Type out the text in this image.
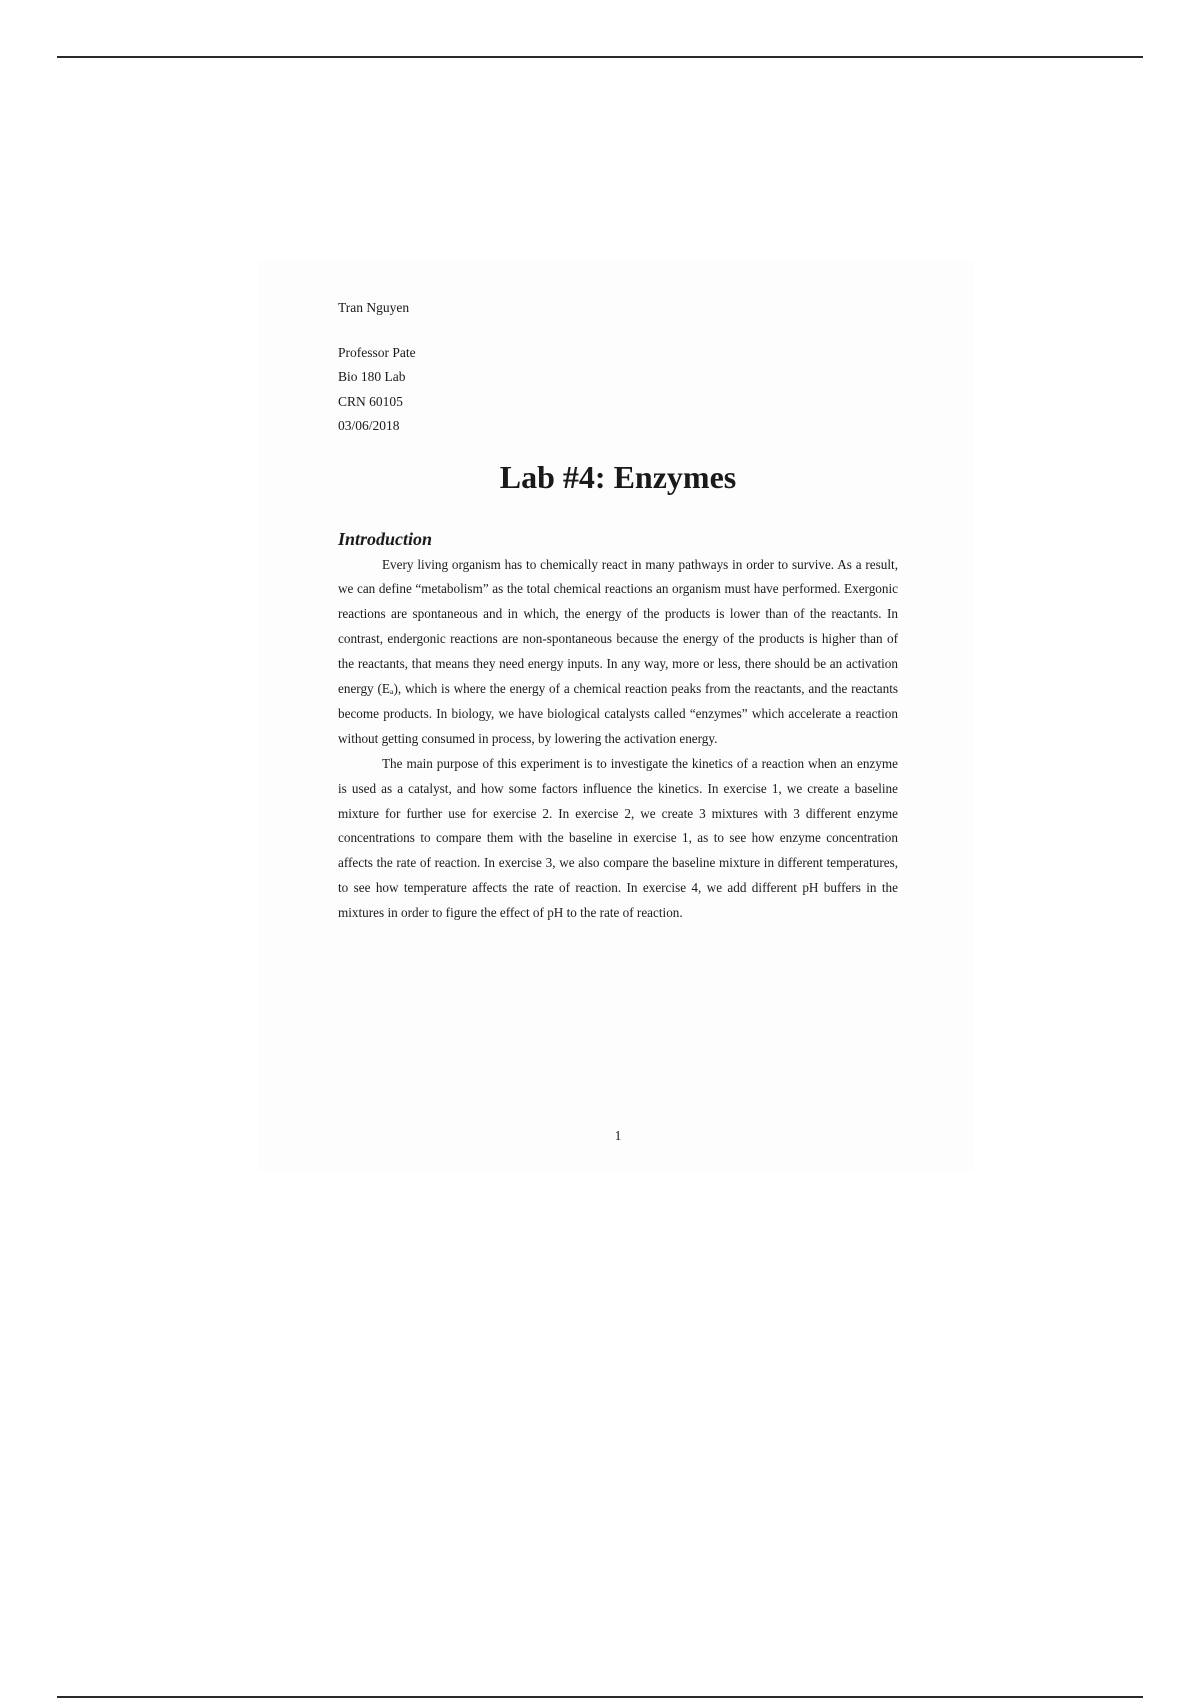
Tran Nguyen

Professor Pate

Bio 180 Lab

CRN 60105

03/06/2018

Lab #4: Enzymes
Introduction

Every living organism has to chemically react in many pathways in order to survive. As a result, we can define “metabolism” as the total chemical reactions an organism must have performed. Exergonic reactions are spontaneous and in which, the energy of the products is lower than of the reactants. In contrast, endergonic reactions are non-spontaneous because the energy of the products is higher than of the reactants, that means they need energy inputs. In any way, more or less, there should be an activation energy (Eₐ), which is where the energy of a chemical reaction peaks from the reactants, and the reactants become products. In biology, we have biological catalysts called “enzymes” which accelerate a reaction without getting consumed in process, by lowering the activation energy.

The main purpose of this experiment is to investigate the kinetics of a reaction when an enzyme is used as a catalyst, and how some factors influence the kinetics. In exercise 1, we create a baseline mixture for further use for exercise 2. In exercise 2, we create 3 mixtures with 3 different enzyme concentrations to compare them with the baseline in exercise 1, as to see how enzyme concentration affects the rate of reaction. In exercise 3, we also compare the baseline mixture in different temperatures, to see how temperature affects the rate of reaction. In exercise 4, we add different pH buffers in the mixtures in order to figure the effect of pH to the rate of reaction.

1
